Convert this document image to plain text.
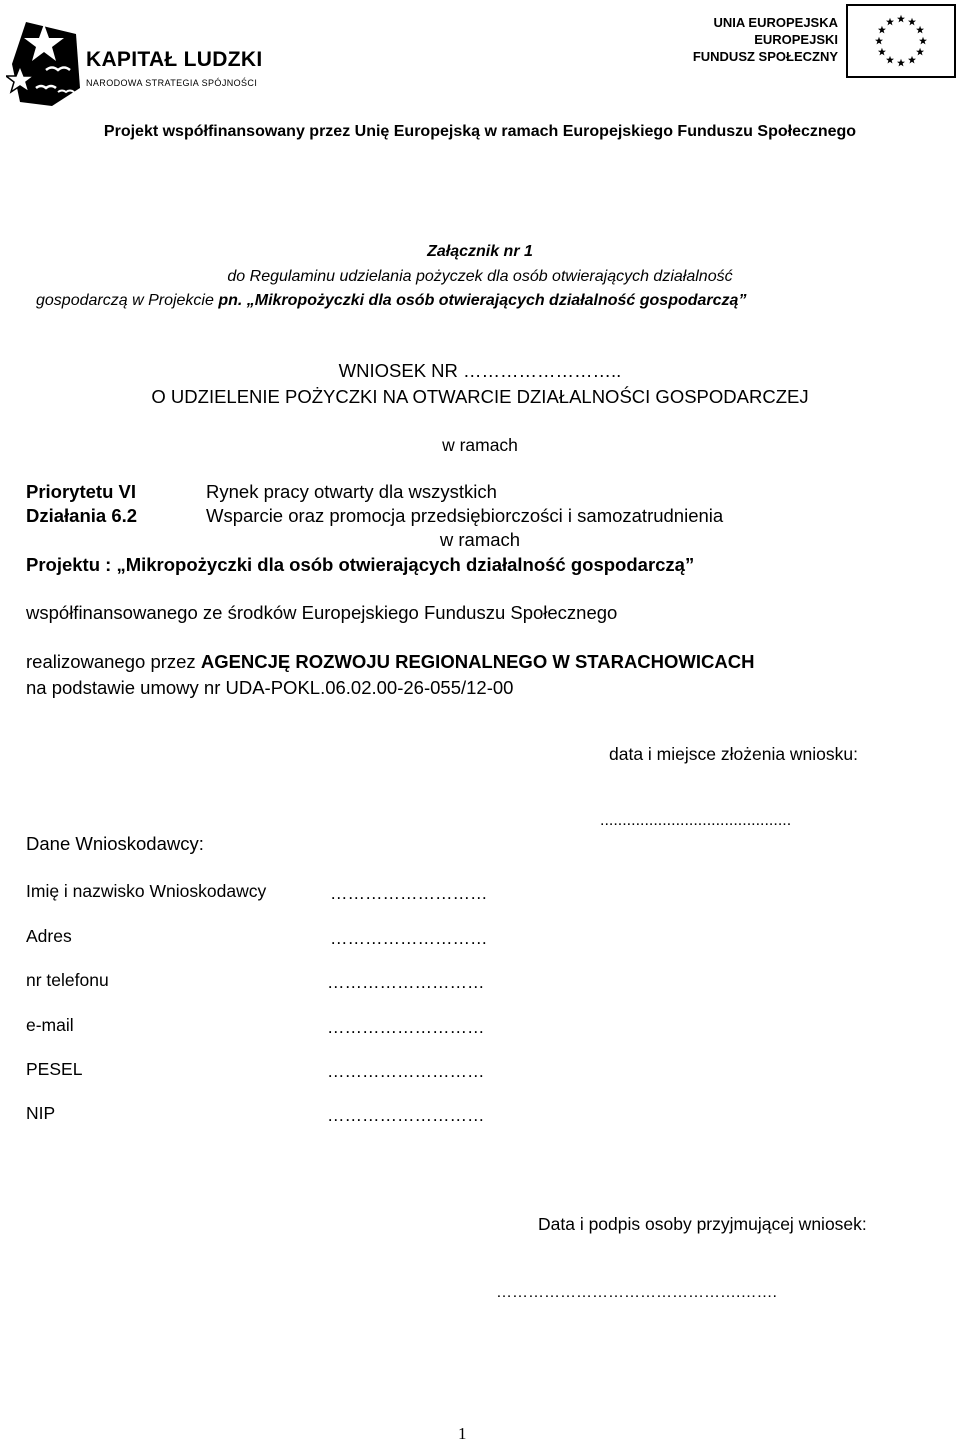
KAPITAŁ LUDZKI
NARODOWA STRATEGIA SPÓJNOŚCI
UNIA EUROPEJSKA
EUROPEJSKI
FUNDUSZ SPOŁECZNY
Projekt współfinansowany przez Unię Europejską w ramach Europejskiego Funduszu Społecznego
Załącznik nr 1
do Regulaminu udzielania pożyczek dla osób otwierających działalność
gospodarczą w Projekcie pn. „Mikropożyczki dla osób otwierających działalność gospodarczą”
WNIOSEK NR ……………………..
O UDZIELENIE POŻYCZKI NA OTWARCIE DZIAŁALNOŚCI GOSPODARCZEJ
w ramach
Priorytetu VI	Rynek pracy otwarty dla wszystkich
Działania 6.2	Wsparcie oraz promocja przedsiębiorczości i samozatrudnienia
w ramach
Projektu : „Mikropożyczki dla osób otwierających działalność gospodarczą”
współfinansowanego ze środków Europejskiego Funduszu Społecznego
realizowanego przez AGENCJĘ ROZWOJU REGIONALNEGO W STARACHOWICACH
na podstawie umowy nr UDA-POKL.06.02.00-26-055/12-00
data i miejsce złożenia wniosku:
...........................................
Dane Wnioskodawcy:
Imię i nazwisko Wnioskodawcy	………………………
Adres	………………………
nr telefonu	………………………
e-mail	………………………
PESEL	………………………
NIP	………………………
Data i podpis osoby przyjmującej wniosek:
……………………………………….…….
1
